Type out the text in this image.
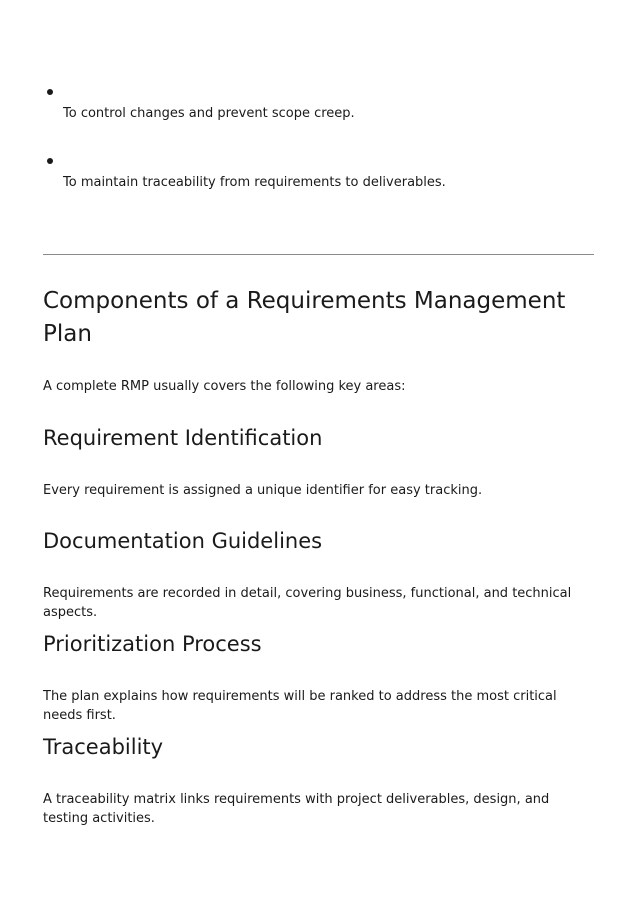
To control changes and prevent scope creep.
To maintain traceability from requirements to deliverables.
Components of a Requirements Management Plan

A complete RMP usually covers the following key areas:

Requirement Identification

Every requirement is assigned a unique identifier for easy tracking.

Documentation Guidelines

Requirements are recorded in detail, covering business, functional, and technical aspects.

Prioritization Process

The plan explains how requirements will be ranked to address the most critical needs first.

Traceability

A traceability matrix links requirements with project deliverables, design, and testing activities.
